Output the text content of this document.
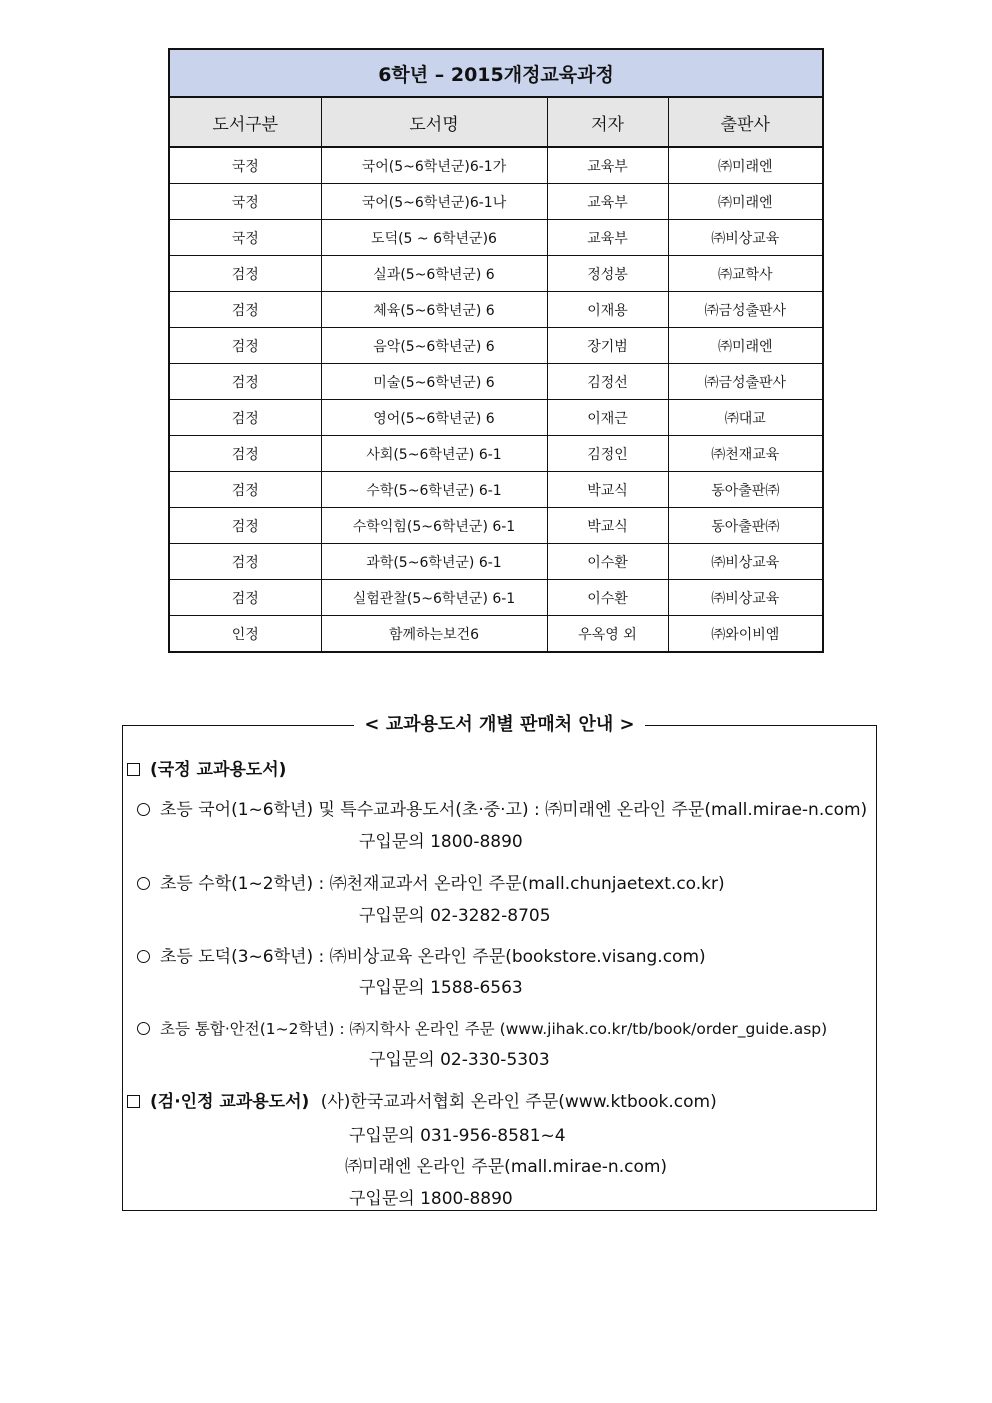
6학년 – 2015개정교육과정			
도서구분	도서명	저자	출판사
국정	국어(5~6학년군)6-1가	교육부	㈜미래엔
국정	국어(5~6학년군)6-1나	교육부	㈜미래엔
국정	도덕(5 ~ 6학년군)6	교육부	㈜비상교육
검정	실과(5~6학년군) 6	정성봉	㈜교학사
검정	체육(5~6학년군) 6	이재용	㈜금성출판사
검정	음악(5~6학년군) 6	장기범	㈜미래엔
검정	미술(5~6학년군) 6	김정선	㈜금성출판사
검정	영어(5~6학년군) 6	이재근	㈜대교
검정	사회(5~6학년군) 6-1	김정인	㈜천재교육
검정	수학(5~6학년군) 6-1	박교식	동아출판㈜
검정	수학익힘(5~6학년군) 6-1	박교식	동아출판㈜
검정	과학(5~6학년군) 6-1	이수환	㈜비상교육
검정	실험관찰(5~6학년군) 6-1	이수환	㈜비상교육
인정	함께하는보건6	우옥영 외	㈜와이비엠
< 교과용도서 개별 판매처 안내 >
(국정 교과용도서)
초등 국어(1~6학년) 및 특수교과용도서(초·중·고) : ㈜미래엔 온라인 주문(mall.mirae-n.com)
구입문의 1800-8890
초등 수학(1~2학년) : ㈜천재교과서 온라인 주문(mall.chunjaetext.co.kr)
구입문의 02-3282-8705
초등 도덕(3~6학년) : ㈜비상교육 온라인 주문(bookstore.visang.com)
구입문의 1588-6563
초등 통합·안전(1~2학년) : ㈜지학사 온라인 주문 (www.jihak.co.kr/tb/book/order_guide.asp)
구입문의 02-330-5303
(검·인정 교과용도서) (사)한국교과서협회 온라인 주문(www.ktbook.com)
구입문의 031-956-8581~4
㈜미래엔 온라인 주문(mall.mirae-n.com)
구입문의 1800-8890
